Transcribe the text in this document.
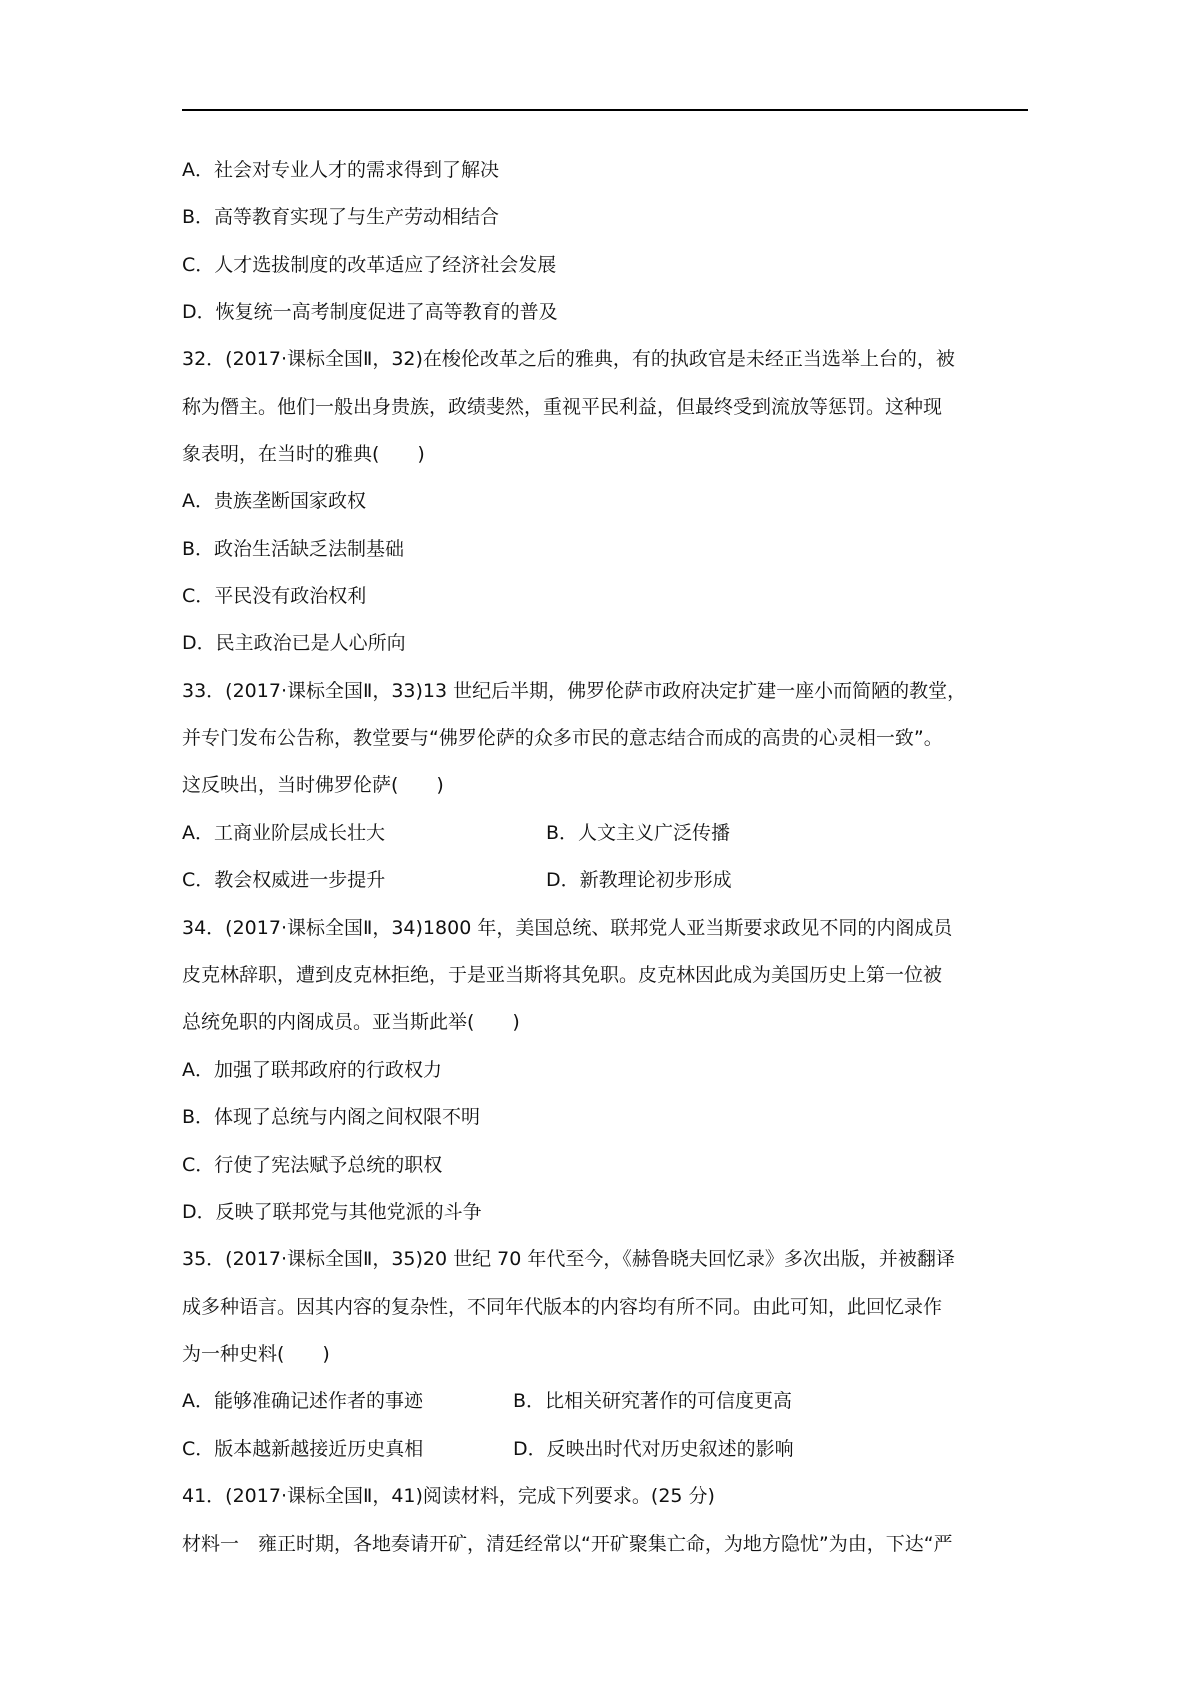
A．社会对专业人才的需求得到了解决
B．高等教育实现了与生产劳动相结合
C．人才选拔制度的改革适应了经济社会发展
D．恢复统一高考制度促进了高等教育的普及
32．(2017·课标全国Ⅱ，32)在梭伦改革之后的雅典，有的执政官是未经正当选举上台的，被
称为僭主。他们一般出身贵族，政绩斐然，重视平民利益，但最终受到流放等惩罚。这种现
象表明，在当时的雅典(　　)
A．贵族垄断国家政权
B．政治生活缺乏法制基础
C．平民没有政治权利
D．民主政治已是人心所向
33．(2017·课标全国Ⅱ，33)13 世纪后半期，佛罗伦萨市政府决定扩建一座小而简陋的教堂，
并专门发布公告称，教堂要与“佛罗伦萨的众多市民的意志结合而成的高贵的心灵相一致”。
这反映出，当时佛罗伦萨(　　)
A．工商业阶层成长壮大	B．人文主义广泛传播
C．教会权威进一步提升	D．新教理论初步形成
34．(2017·课标全国Ⅱ，34)1800 年，美国总统、联邦党人亚当斯要求政见不同的内阁成员
皮克林辞职，遭到皮克林拒绝，于是亚当斯将其免职。皮克林因此成为美国历史上第一位被
总统免职的内阁成员。亚当斯此举(　　)
A．加强了联邦政府的行政权力
B．体现了总统与内阁之间权限不明
C．行使了宪法赋予总统的职权
D．反映了联邦党与其他党派的斗争
35．(2017·课标全国Ⅱ，35)20 世纪 70 年代至今，《赫鲁晓夫回忆录》多次出版，并被翻译
成多种语言。因其内容的复杂性，不同年代版本的内容均有所不同。由此可知，此回忆录作
为一种史料(　　)
A．能够准确记述作者的事迹	B．比相关研究著作的可信度更高
C．版本越新越接近历史真相	D．反映出时代对历史叙述的影响
41．(2017·课标全国Ⅱ，41)阅读材料，完成下列要求。(25 分)
材料一　雍正时期，各地奏请开矿，清廷经常以“开矿聚集亡命，为地方隐忧”为由，下达“严
